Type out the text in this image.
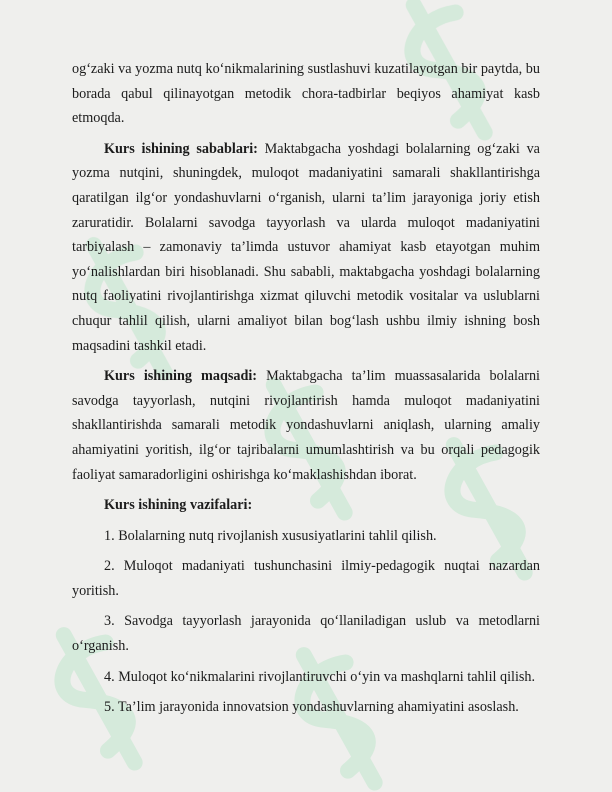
og‘zaki va yozma nutq ko‘nikmalarining sustlashuvi kuzatilayotgan bir paytda, bu borada qabul qilinayotgan metodik chora-tadbirlar beqiyos ahamiyat kasb etmoqda.

Kurs ishining sabablari: Maktabgacha yoshdagi bolalarning og‘zaki va yozma nutqini, shuningdek, muloqot madaniyatini samarali shakllantirishga qaratilgan ilg‘or yondashuvlarni o‘rganish, ularni ta’lim jarayoniga joriy etish zaruratidir. Bolalarni savodga tayyorlash va ularda muloqot madaniyatini tarbiyalash – zamonaviy ta’limda ustuvor ahamiyat kasb etayotgan muhim yo‘nalishlardan biri hisoblanadi. Shu sababli, maktabgacha yoshdagi bolalarning nutq faoliyatini rivojlantirishga xizmat qiluvchi metodik vositalar va uslublarni chuqur tahlil qilish, ularni amaliyot bilan bog‘lash ushbu ilmiy ishning bosh maqsadini tashkil etadi.

Kurs ishining maqsadi: Maktabgacha ta’lim muassasalarida bolalarni savodga tayyorlash, nutqini rivojlantirish hamda muloqot madaniyatini shakllantirishda samarali metodik yondashuvlarni aniqlash, ularning amaliy ahamiyatini yoritish, ilg‘or tajribalarni umumlashtirish va bu orqali pedagogik faoliyat samaradorligini oshirishga ko‘maklashishdan iborat.

Kurs ishining vazifalari:

1. Bolalarning nutq rivojlanish xususiyatlarini tahlil qilish.

2. Muloqot madaniyati tushunchasini ilmiy-pedagogik nuqtai nazardan yoritish.

3. Savodga tayyorlash jarayonida qo‘llaniladigan uslub va metodlarni o‘rganish.

4. Muloqot ko‘nikmalarini rivojlantiruvchi o‘yin va mashqlarni tahlil qilish.

5. Ta’lim jarayonida innovatsion yondashuvlarning ahamiyatini asoslash.
